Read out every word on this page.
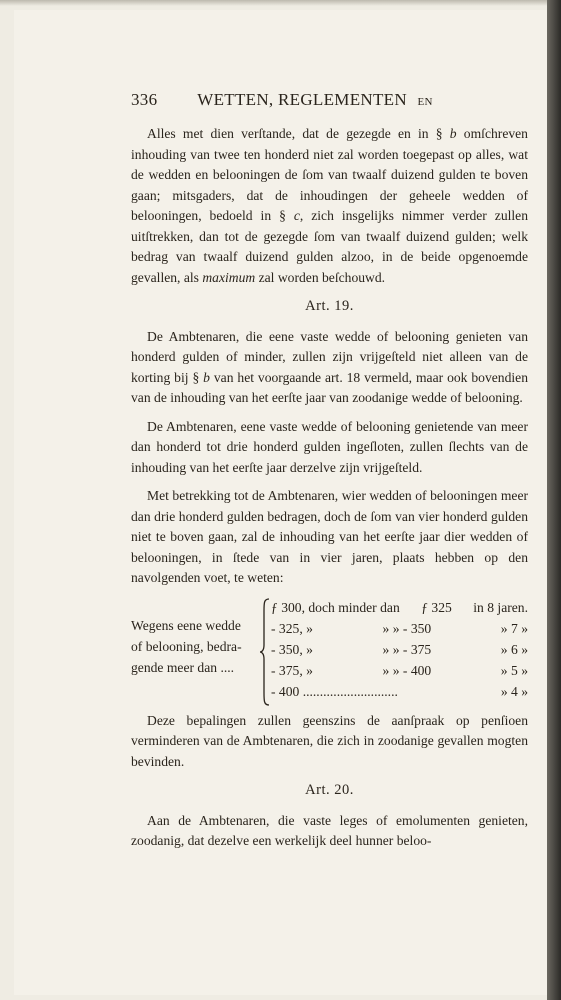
336 WETTEN, REGLEMENTEN EN

Alles met dien verſtande, dat de gezegde en in § b omſchreven inhouding van twee ten honderd niet zal worden toegepast op alles, wat de wedden en belooningen de ſom van twaalf duizend gulden te boven gaan; mitsgaders, dat de inhoudingen der geheele wedden of belooningen, bedoeld in § c, zich insgelijks nimmer verder zullen uitſtrekken, dan tot de gezegde ſom van twaalf duizend gulden; welk bedrag van twaalf duizend gulden alzoo, in de beide opgenoemde gevallen, als maximum zal worden beſchouwd.

Art. 19.

De Ambtenaren, die eene vaste wedde of belooning genieten van honderd gulden of minder, zullen zijn vrijgeſteld niet alleen van de korting bij § b van het voorgaande art. 18 vermeld, maar ook bovendien van de inhouding van het eerſte jaar van zoodanige wedde of belooning.

De Ambtenaren, eene vaste wedde of belooning genietende van meer dan honderd tot drie honderd gulden ingeſloten, zullen ſlechts van de inhouding van het eerſte jaar derzelve zijn vrijgeſteld.

Met betrekking tot de Ambtenaren, wier wedden of belooningen meer dan drie honderd gulden bedragen, doch de ſom van vier honderd gulden niet te boven gaan, zal de inhouding van het eerſte jaar dier wedden of belooningen, in ſtede van in vier jaren, plaats hebben op den navolgenden voet, te weten:

Wegens eene wedde
of belooning, bedra-
gende meer dan ....
ƒ 300, doch minder dan ƒ 325 in 8 jaren.
- 325, »	» » - 350	» 7 »
- 350, »	» » - 375	» 6 »
- 375, »	» » - 400	» 5 »
- 400 ............................	» 4 »

Deze bepalingen zullen geenszins de aanſpraak op penſioen verminderen van de Ambtenaren, die zich in zoodanige gevallen mogten bevinden.

Art. 20.

Aan de Ambtenaren, die vaste leges of emolumenten genieten, zoodanig, dat dezelve een werkelijk deel hunner beloo-
